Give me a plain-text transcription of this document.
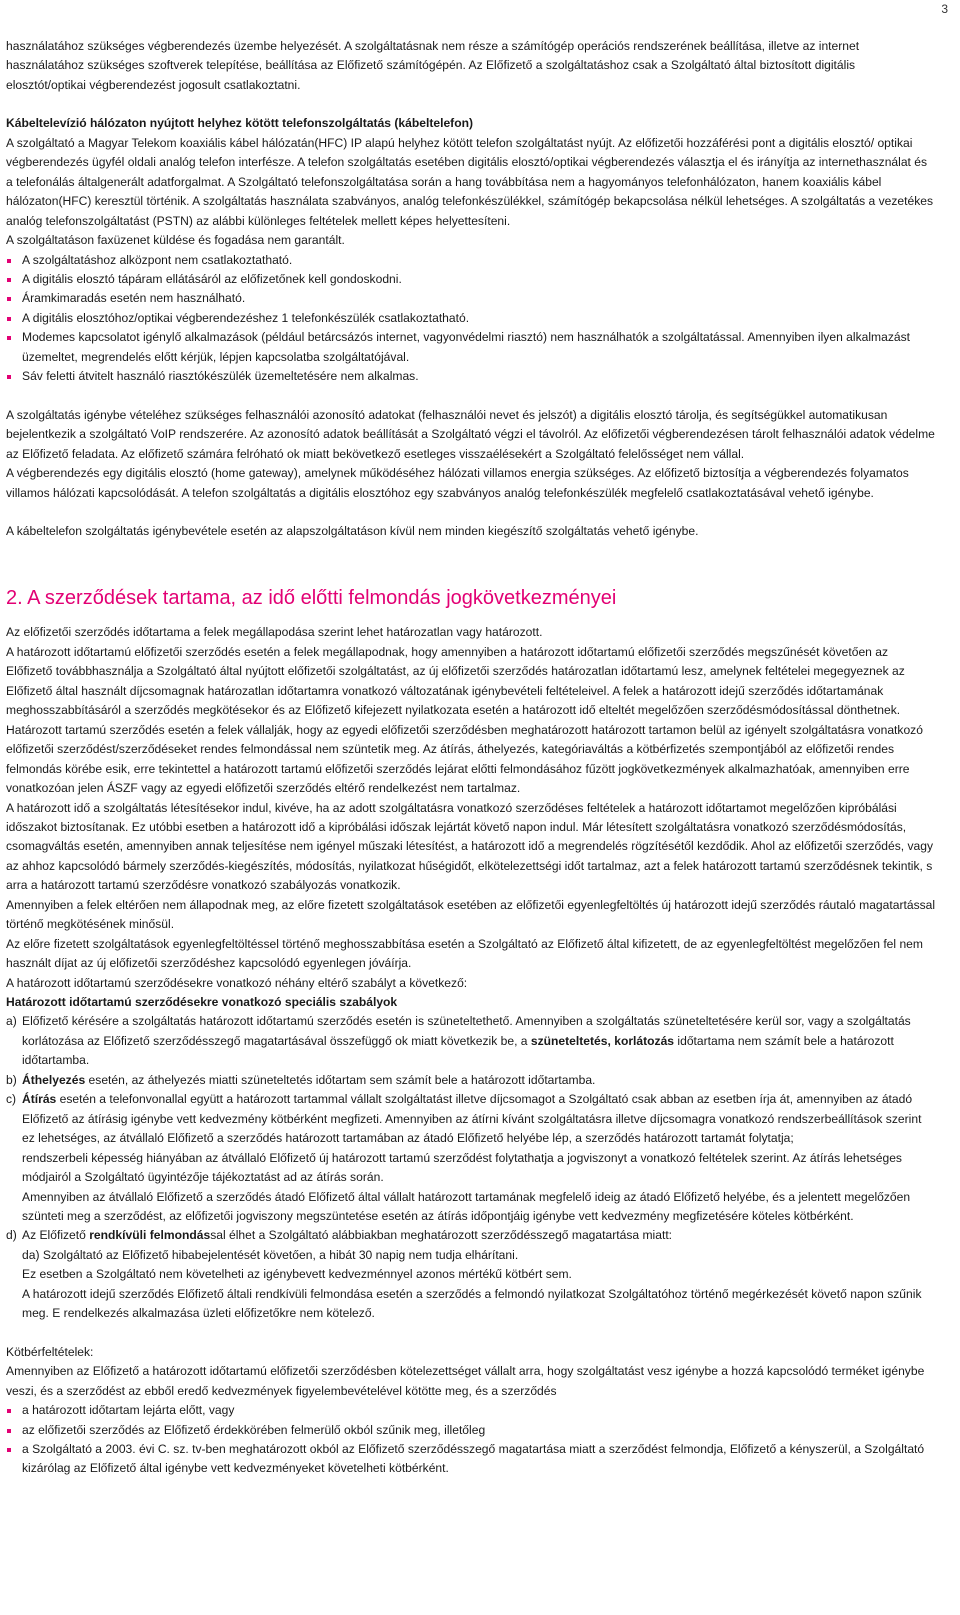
3

használatához szükséges végberendezés üzembe helyezését. A szolgáltatásnak nem része a számítógép operációs rendszerének beállítása, illetve az internet használatához szükséges szoftverek telepítése, beállítása az Előfizető számítógépén. Az Előfizető a szolgáltatáshoz csak a Szolgáltató által biztosított digitális elosztót/optikai végberendezést jogosult csatlakoztatni.

Kábeltelevízió hálózaton nyújtott helyhez kötött telefonszolgáltatás (kábeltelefon)

A szolgáltató a Magyar Telekom koaxiális kábel hálózatán(HFC) IP alapú helyhez kötött telefon szolgáltatást nyújt. Az előfizetői hozzáférési pont a digitális elosztó/ optikai végberendezés ügyfél oldali analóg telefon interfésze. A telefon szolgáltatás esetében digitális elosztó/optikai végberendezés választja el és irányítja az internethasználat és a telefonálás általgenerált adatforgalmat. A Szolgáltató telefonszolgáltatása során a hang továbbítása nem a hagyományos telefonhálózaton, hanem koaxiális kábel hálózaton(HFC) keresztül történik. A szolgáltatás használata szabványos, analóg telefonkészülékkel, számítógép bekapcsolása nélkül lehetséges. A szolgáltatás a vezetékes analóg telefonszolgáltatást (PSTN) az alábbi különleges feltételek mellett képes helyettesíteni.

A szolgáltatáson faxüzenet küldése és fogadása nem garantált.

A szolgáltatáshoz alközpont nem csatlakoztatható.
A digitális elosztó tápáram ellátásáról az előfizetőnek kell gondoskodni.
Áramkimaradás esetén nem használható.
A digitális elosztóhoz/optikai végberendezéshez 1 telefonkészülék csatlakoztatható.
Modemes kapcsolatot igénylő alkalmazások (például betárcsázós internet, vagyonvédelmi riasztó) nem használhatók a szolgáltatással. Amennyiben ilyen alkalmazást üzemeltet, megrendelés előtt kérjük, lépjen kapcsolatba szolgáltatójával.
Sáv feletti átvitelt használó riasztókészülék üzemeltetésére nem alkalmas.

A szolgáltatás igénybe vételéhez szükséges felhasználói azonosító adatokat (felhasználói nevet és jelszót) a digitális elosztó tárolja, és segítségükkel automatikusan bejelentkezik a szolgáltató VoIP rendszerére. Az azonosító adatok beállítását a Szolgáltató végzi el távolról. Az előfizetői végberendezésen tárolt felhasználói adatok védelme az Előfizető feladata. Az előfizető számára felróható ok miatt bekövetkező esetleges visszaélésekért a Szolgáltató felelősséget nem vállal.

A végberendezés egy digitális elosztó (home gateway), amelynek működéséhez hálózati villamos energia szükséges. Az előfizető biztosítja a végberendezés folyamatos villamos hálózati kapcsolódását. A telefon szolgáltatás a digitális elosztóhoz egy szabványos analóg telefonkészülék megfelelő csatlakoztatásával vehető igénybe.

A kábeltelefon szolgáltatás igénybevétele esetén az alapszolgáltatáson kívül nem minden kiegészítő szolgáltatás vehető igénybe.

2. A szerződések tartama, az idő előtti felmondás jogkövetkezményei

Az előfizetői szerződés időtartama a felek megállapodása szerint lehet határozatlan vagy határozott.

A határozott időtartamú előfizetői szerződés esetén a felek megállapodnak, hogy amennyiben a határozott időtartamú előfizetői szerződés megszűnését követően az Előfizető továbbhasználja a Szolgáltató által nyújtott előfizetői szolgáltatást, az új előfizetői szerződés határozatlan időtartamú lesz, amelynek feltételei megegyeznek az Előfizető által használt díjcsomagnak határozatlan időtartamra vonatkozó változatának igénybevételi feltételeivel. A felek a határozott idejű szerződés időtartamának meghosszabbításáról a szerződés megkötésekor és az Előfizető kifejezett nyilatkozata esetén a határozott idő elteltét megelőzően szerződésmódosítással dönthetnek.

Határozott tartamú szerződés esetén a felek vállalják, hogy az egyedi előfizetői szerződésben meghatározott határozott tartamon belül az igényelt szolgáltatásra vonatkozó előfizetői szerződést/szerződéseket rendes felmondással nem szüntetik meg. Az átírás, áthelyezés, kategóriaváltás a kötbérfizetés szempontjából az előfizetői rendes felmondás körébe esik, erre tekintettel a határozott tartamú előfizetői szerződés lejárat előtti felmondásához fűzött jogkövetkezmények alkalmazhatóak, amennyiben erre vonatkozóan jelen ÁSZF vagy az egyedi előfizetői szerződés eltérő rendelkezést nem tartalmaz.

A határozott idő a szolgáltatás létesítésekor indul, kivéve, ha az adott szolgáltatásra vonatkozó szerződéses feltételek a határozott időtartamot megelőzően kipróbálási időszakot biztosítanak. Ez utóbbi esetben a határozott idő a kipróbálási időszak lejártát követő napon indul. Már létesített szolgáltatásra vonatkozó szerződésmódosítás, csomagváltás esetén, amennyiben annak teljesítése nem igényel műszaki létesítést, a határozott idő a megrendelés rögzítésétől kezdődik. Ahol az előfizetői szerződés, vagy az ahhoz kapcsolódó bármely szerződés-kiegészítés, módosítás, nyilatkozat hűségidőt, elkötelezettségi időt tartalmaz, azt a felek határozott tartamú szerződésnek tekintik, s arra a határozott tartamú szerződésre vonatkozó szabályozás vonatkozik.

Amennyiben a felek eltérően nem állapodnak meg, az előre fizetett szolgáltatások esetében az előfizetői egyenlegfeltöltés új határozott idejű szerződés ráutaló magatartással történő megkötésének minősül.

Az előre fizetett szolgáltatások egyenlegfeltöltéssel történő meghosszabbítása esetén a Szolgáltató az Előfizető által kifizetett, de az egyenlegfeltöltést megelőzően fel nem használt díjat az új előfizetői szerződéshez kapcsolódó egyenlegen jóváírja.

A határozott időtartamú szerződésekre vonatkozó néhány eltérő szabályt a következő:

Határozott időtartamú szerződésekre vonatkozó speciális szabályok

a) Előfizető kérésére a szolgáltatás határozott időtartamú szerződés esetén is szüneteltethető. Amennyiben a szolgáltatás szüneteltetésére kerül sor, vagy a szolgáltatás korlátozása az Előfizető szerződésszegő magatartásával összefüggő ok miatt következik be, a szüneteltetés, korlátozás időtartama nem számít bele a határozott időtartamba.
b) Áthelyezés esetén, az áthelyezés miatti szüneteltetés időtartam sem számít bele a határozott időtartamba.
c) Átírás esetén a telefonvonallal együtt a határozott tartammal vállalt szolgáltatást illetve díjcsomagot a Szolgáltató csak abban az esetben írja át, amennyiben az átadó Előfizető az átírásig igénybe vett kedvezmény kötbérként megfizeti. Amennyiben az átírni kívánt szolgáltatásra illetve díjcsomagra vonatkozó rendszerbeállítások szerint ez lehetséges, az átvállaló Előfizető a szerződés határozott tartamában az átadó Előfizető helyébe lép, a szerződés határozott tartamát folytatja;

rendszerbeli képesség hiányában az átvállaló Előfizető új határozott tartamú szerződést folytathatja a jogviszonyt a vonatkozó feltételek szerint. Az átírás lehetséges módjairól a Szolgáltató ügyintézője tájékoztatást ad az átírás során.

Amennyiben az átvállaló Előfizető a szerződés átadó Előfizető által vállalt határozott tartamának megfelelő ideig az átadó Előfizető helyébe, és a jelentett megelőzően szünteti meg a szerződést, az előfizetői jogviszony megszüntetése esetén az átírás időpontjáig igénybe vett kedvezmény megfizetésére köteles kötbérként.

d) Az Előfizető rendkívüli felmondással élhet a Szolgáltató alábbiakban meghatározott szerződésszegő magatartása miatt:

da) Szolgáltató az Előfizető hibabejelentését követően, a hibát 30 napig nem tudja elhárítani.

Ez esetben a Szolgáltató nem követelheti az igénybevett kedvezménnyel azonos mértékű kötbért sem.

A határozott idejű szerződés Előfizető általi rendkívüli felmondása esetén a szerződés a felmondó nyilatkozat Szolgáltatóhoz történő megérkezését követő napon szűnik meg. E rendelkezés alkalmazása üzleti előfizetőkre nem kötelező.

Kötbérfeltételek:

Amennyiben az Előfizető a határozott időtartamú előfizetői szerződésben kötelezettséget vállalt arra, hogy szolgáltatást vesz igénybe a hozzá kapcsolódó terméket igénybe veszi, és a szerződést az ebből eredő kedvezmények figyelembevételével kötötte meg, és a szerződés

a határozott időtartam lejárta előtt, vagy
az előfizetői szerződés az Előfizető érdekkörében felmerülő okból szűnik meg, illetőleg
a Szolgáltató a 2003. évi C. sz. tv-ben meghatározott okból az Előfizető szerződésszegő magatartása miatt a szerződést felmondja, Előfizető a kényszerül, a Szolgáltató kizárólag az Előfizető által igénybe vett kedvezményeket követelheti kötbérként.
